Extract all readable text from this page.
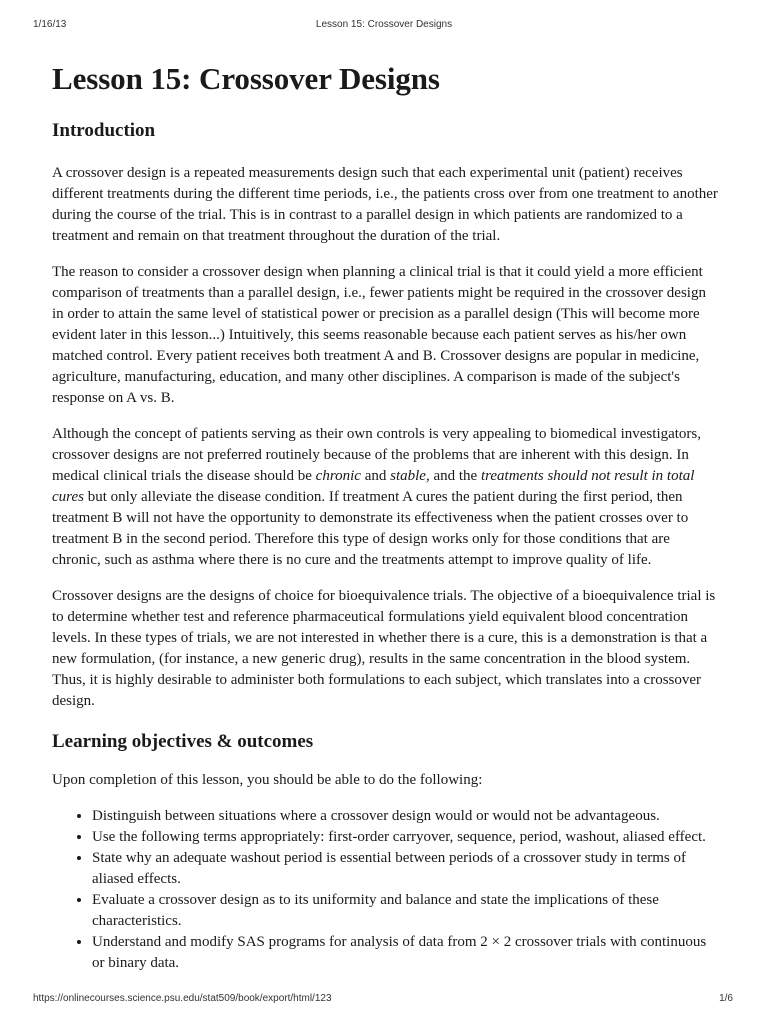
1/16/13	Lesson 15: Crossover Designs
Lesson 15: Crossover Designs
Introduction

A crossover design is a repeated measurements design such that each experimental unit (patient) receives different treatments during the different time periods, i.e., the patients cross over from one treatment to another during the course of the trial. This is in contrast to a parallel design in which patients are randomized to a treatment and remain on that treatment throughout the duration of the trial.

The reason to consider a crossover design when planning a clinical trial is that it could yield a more efficient comparison of treatments than a parallel design, i.e., fewer patients might be required in the crossover design in order to attain the same level of statistical power or precision as a parallel design (This will become more evident later in this lesson...) Intuitively, this seems reasonable because each patient serves as his/her own matched control. Every patient receives both treatment A and B. Crossover designs are popular in medicine, agriculture, manufacturing, education, and many other disciplines. A comparison is made of the subject's response on A vs. B.

Although the concept of patients serving as their own controls is very appealing to biomedical investigators, crossover designs are not preferred routinely because of the problems that are inherent with this design. In medical clinical trials the disease should be chronic and stable, and the treatments should not result in total cures but only alleviate the disease condition. If treatment A cures the patient during the first period, then treatment B will not have the opportunity to demonstrate its effectiveness when the patient crosses over to treatment B in the second period. Therefore this type of design works only for those conditions that are chronic, such as asthma where there is no cure and the treatments attempt to improve quality of life.

Crossover designs are the designs of choice for bioequivalence trials. The objective of a bioequivalence trial is to determine whether test and reference pharmaceutical formulations yield equivalent blood concentration levels. In these types of trials, we are not interested in whether there is a cure, this is a demonstration is that a new formulation, (for instance, a new generic drug), results in the same concentration in the blood system. Thus, it is highly desirable to administer both formulations to each subject, which translates into a crossover design.

Learning objectives & outcomes

Upon completion of this lesson, you should be able to do the following:

• Distinguish between situations where a crossover design would or would not be advantageous.
• Use the following terms appropriately: first-order carryover, sequence, period, washout, aliased effect.
• State why an adequate washout period is essential between periods of a crossover study in terms of aliased effects.
• Evaluate a crossover design as to its uniformity and balance and state the implications of these characteristics.
• Understand and modify SAS programs for analysis of data from 2 × 2 crossover trials with continuous or binary data.
https://onlinecourses.science.psu.edu/stat509/book/export/html/123	1/6
